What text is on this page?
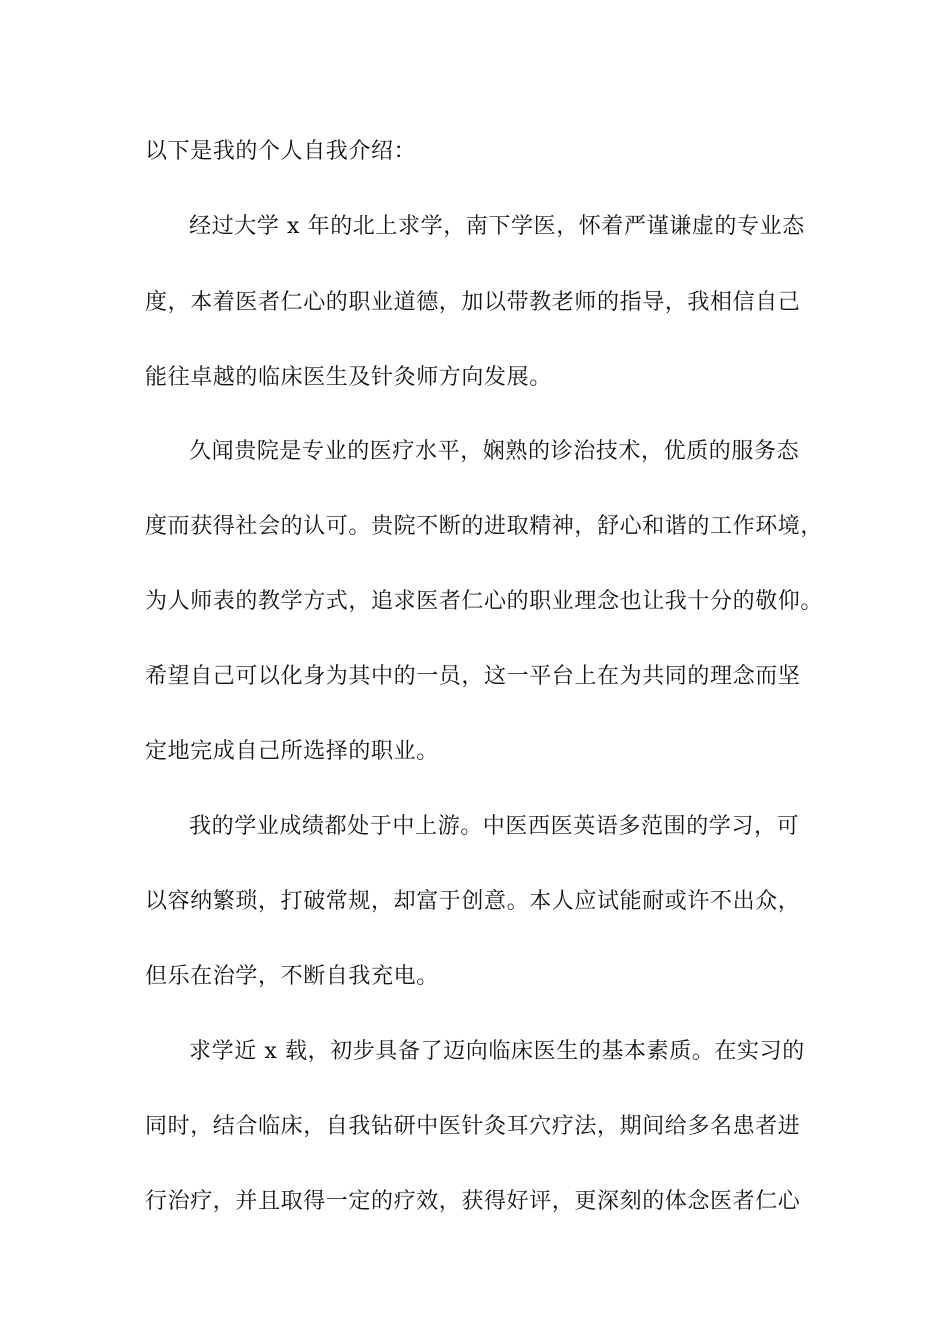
以下是我的个人自我介绍：
经过大学 x 年的北上求学，南下学医，怀着严谨谦虚的专业态
度，本着医者仁心的职业道德，加以带教老师的指导，我相信自己
能往卓越的临床医生及针灸师方向发展。
久闻贵院是专业的医疗水平，娴熟的诊治技术，优质的服务态
度而获得社会的认可。贵院不断的进取精神，舒心和谐的工作环境，
为人师表的教学方式，追求医者仁心的职业理念也让我十分的敬仰。
希望自己可以化身为其中的一员，这一平台上在为共同的理念而坚
定地完成自己所选择的职业。
我的学业成绩都处于中上游。中医西医英语多范围的学习，可
以容纳繁琐，打破常规，却富于创意。本人应试能耐或许不出众，
但乐在治学，不断自我充电。
求学近 x 载，初步具备了迈向临床医生的基本素质。在实习的
同时，结合临床，自我钻研中医针灸耳穴疗法，期间给多名患者进
行治疗，并且取得一定的疗效，获得好评，更深刻的体念医者仁心
